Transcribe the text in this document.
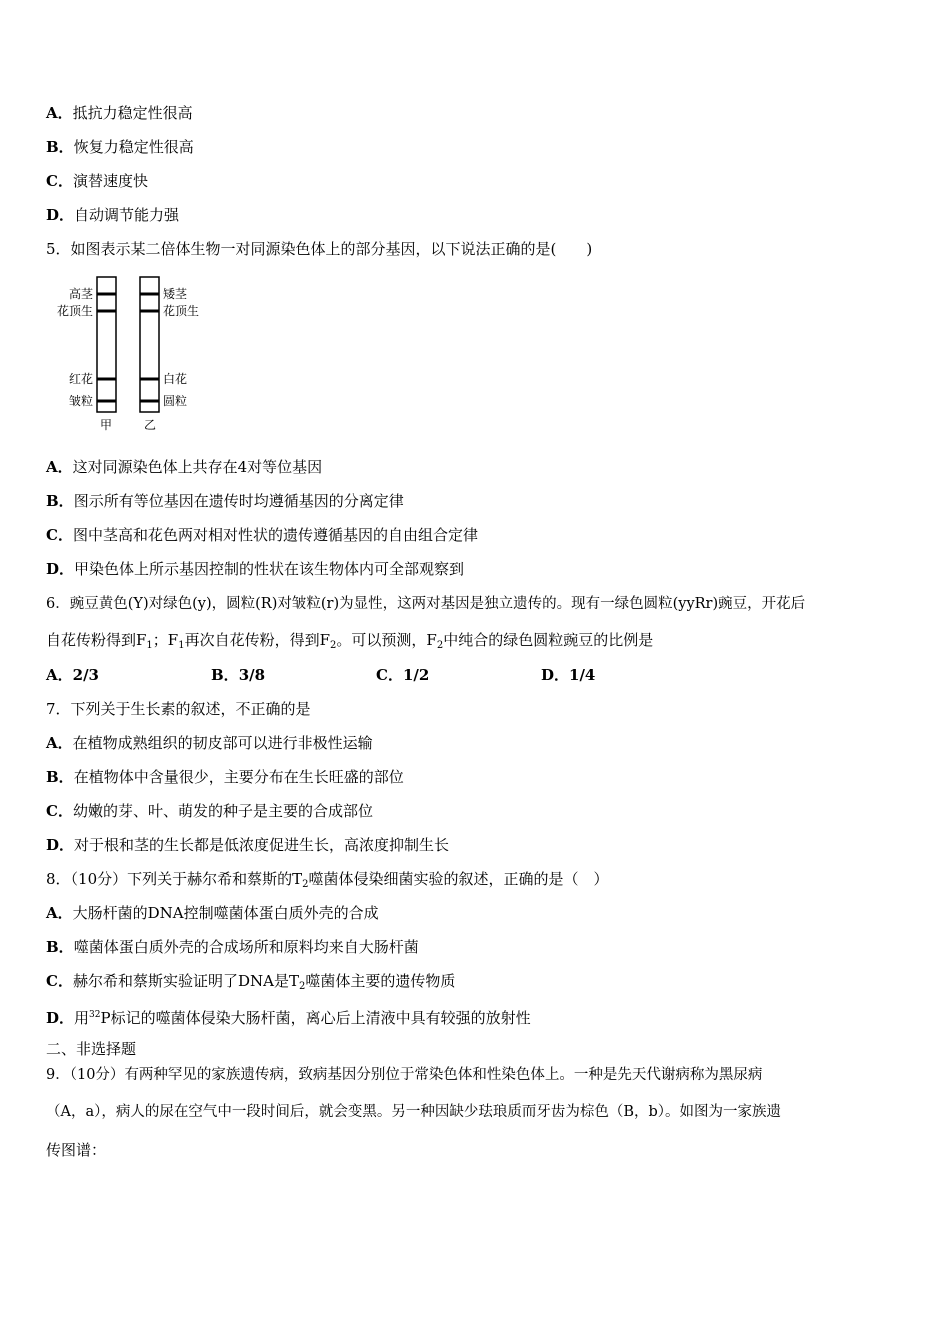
A．抵抗力稳定性很高
B．恢复力稳定性很高
C．演替速度快
D．自动调节能力强
5．如图表示某二倍体生物一对同源染色体上的部分基因，以下说法正确的是(　　)
高茎
花顶生
红花
皱粒
矮茎
花顶生
白花
圆粒
甲	乙
A．这对同源染色体上共存在4对等位基因
B．图示所有等位基因在遗传时均遵循基因的分离定律
C．图中茎高和花色两对相对性状的遗传遵循基因的自由组合定律
D．甲染色体上所示基因控制的性状在该生物体内可全部观察到
6．豌豆黄色(Y)对绿色(y)，圆粒(R)对皱粒(r)为显性，这两对基因是独立遗传的。现有一绿色圆粒(yyRr)豌豆，开花后
自花传粉得到$F_1$；$F_1$再次自花传粉，得到$F_2$。可以预测，$F_2$中纯合的绿色圆粒豌豆的比例是
A．2/3	B．3/8	C．1/2	D．1/4
7．下列关于生长素的叙述，不正确的是
A．在植物成熟组织的韧皮部可以进行非极性运输
B．在植物体中含量很少，主要分布在生长旺盛的部位
C．幼嫩的芽、叶、萌发的种子是主要的合成部位
D．对于根和茎的生长都是低浓度促进生长，高浓度抑制生长
8．（10分）下列关于赫尔希和蔡斯的$T_2$噬菌体侵染细菌实验的叙述，正确的是（　）
A．大肠杆菌的DNA控制噬菌体蛋白质外壳的合成
B．噬菌体蛋白质外壳的合成场所和原料均来自大肠杆菌
C．赫尔希和蔡斯实验证明了DNA是$T_2$噬菌体主要的遗传物质
D．用$^{32}$P标记的噬菌体侵染大肠杆菌，离心后上清液中具有较强的放射性
二、非选择题
9．（10分）有两种罕见的家族遗传病，致病基因分别位于常染色体和性染色体上。一种是先天代谢病称为黑尿病
（A，a），病人的尿在空气中一段时间后，就会变黑。另一种因缺少珐琅质而牙齿为棕色（B，b）。如图为一家族遗
传图谱：
